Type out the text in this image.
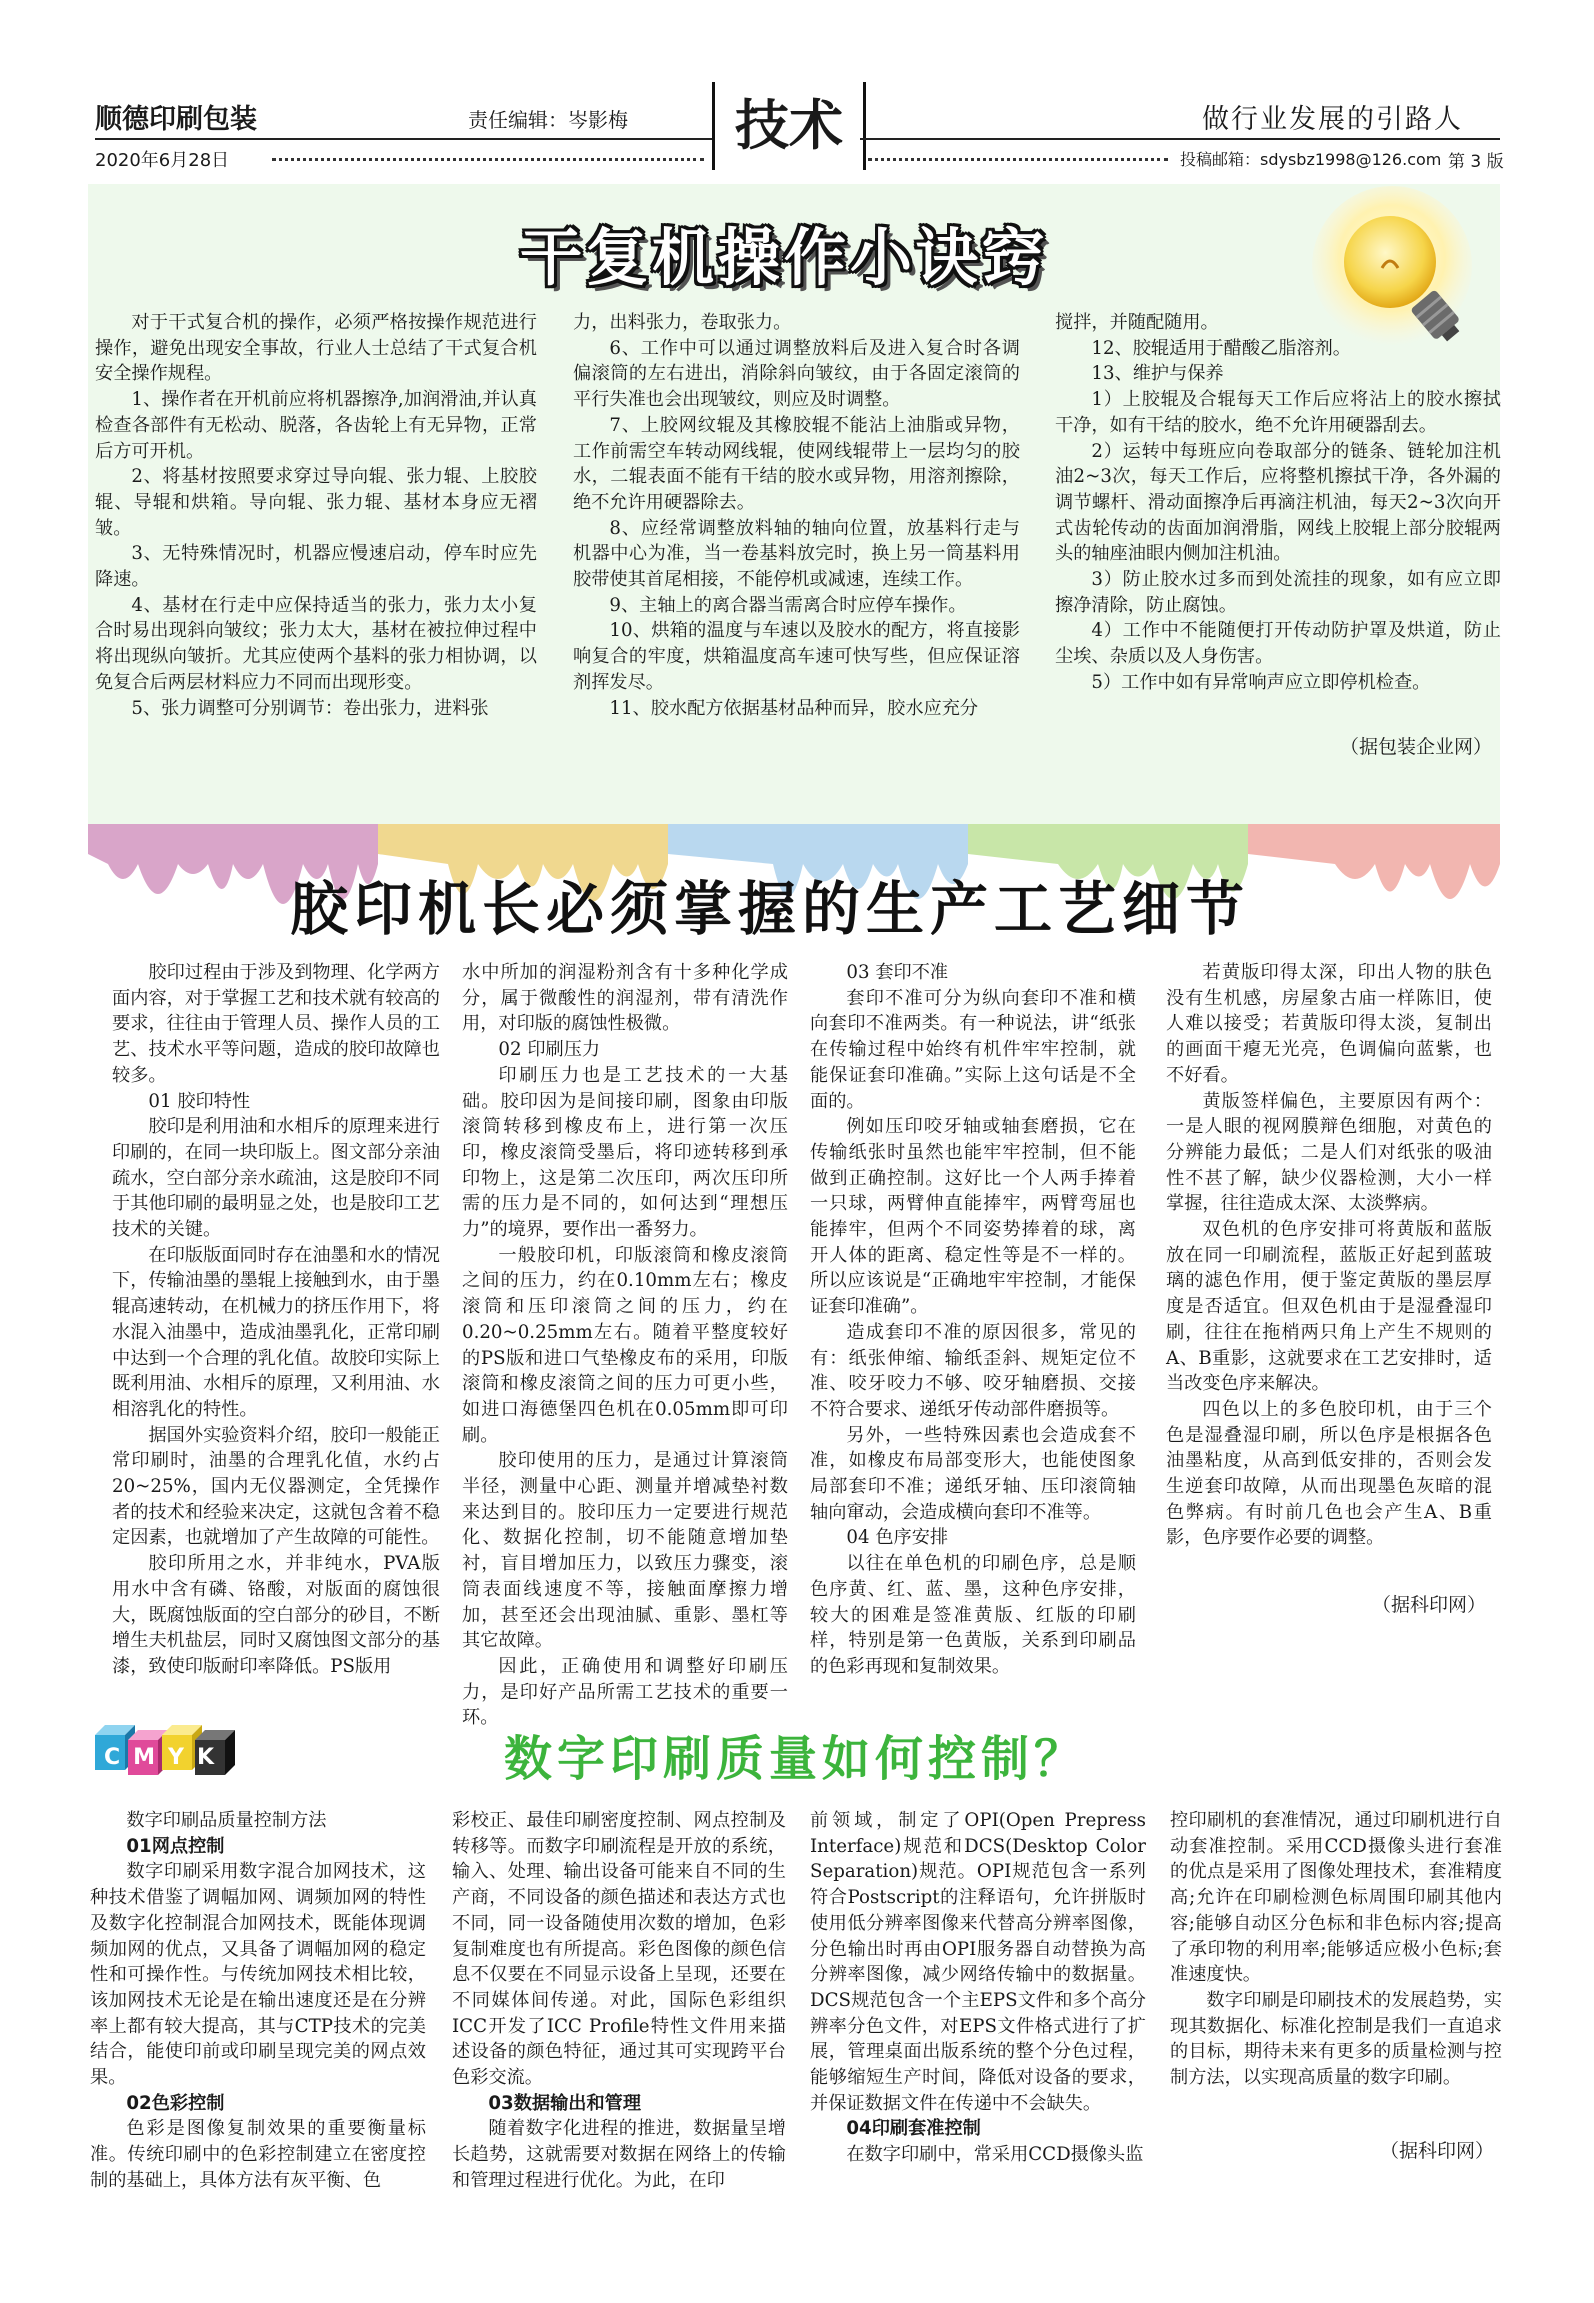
顺德印刷包装	责任编辑：岑影梅	技术	做行业发展的引路人
2020年6月28日	投稿邮箱：sdysbz1998@126.com 第 3 版
干复机操作小诀窍

对于干式复合机的操作，必须严格按操作规范进行操作，避免出现安全事故，行业人士总结了干式复合机安全操作规程。

1、操作者在开机前应将机器擦净,加润滑油,并认真检查各部件有无松动、脱落，各齿轮上有无异物，正常后方可开机。

2、将基材按照要求穿过导向辊、张力辊、上胶胶辊、导辊和烘箱。导向辊、张力辊、基材本身应无褶皱。

3、无特殊情况时，机器应慢速启动，停车时应先降速。

4、基材在行走中应保持适当的张力，张力太小复合时易出现斜向皱纹；张力太大，基材在被拉伸过程中将出现纵向皱折。尤其应使两个基料的张力相协调，以免复合后两层材料应力不同而出现形变。

5、张力调整可分别调节：卷出张力，进料张

力，出料张力，卷取张力。

6、工作中可以通过调整放料后及进入复合时各调偏滚筒的左右进出，消除斜向皱纹，由于各固定滚筒的平行失准也会出现皱纹，则应及时调整。

7、上胶网纹辊及其橡胶辊不能沾上油脂或异物，工作前需空车转动网线辊，使网线辊带上一层均匀的胶水，二辊表面不能有干结的胶水或异物，用溶剂擦除，绝不允许用硬器除去。

8、应经常调整放料轴的轴向位置，放基料行走与机器中心为准，当一卷基料放完时，换上另一筒基料用胶带使其首尾相接，不能停机或减速，连续工作。

9、主轴上的离合器当需离合时应停车操作。

10、烘箱的温度与车速以及胶水的配方，将直接影响复合的牢度，烘箱温度高车速可快写些，但应保证溶剂挥发尽。

11、胶水配方依据基材品种而异，胶水应充分

搅拌，并随配随用。

12、胶辊适用于醋酸乙脂溶剂。

13、维护与保养

1）上胶辊及合辊每天工作后应将沾上的胶水擦拭干净，如有干结的胶水，绝不允许用硬器刮去。

2）运转中每班应向卷取部分的链条、链轮加注机油2~3次，每天工作后，应将整机擦拭干净，各外漏的调节螺杆、滑动面擦净后再滴注机油，每天2~3次向开式齿轮传动的齿面加润滑脂，网线上胶辊上部分胶辊两头的轴座油眼内侧加注机油。

3）防止胶水过多而到处流挂的现象，如有应立即擦净清除，防止腐蚀。

4）工作中不能随便打开传动防护罩及烘道，防止尘埃、杂质以及人身伤害。

5）工作中如有异常响声应立即停机检查。

（据包装企业网）
胶印机长必须掌握的生产工艺细节

胶印过程由于涉及到物理、化学两方面内容，对于掌握工艺和技术就有较高的要求，往往由于管理人员、操作人员的工艺、技术水平等问题，造成的胶印故障也较多。

01 胶印特性

胶印是利用油和水相斥的原理来进行印刷的，在同一块印版上。图文部分亲油疏水，空白部分亲水疏油，这是胶印不同于其他印刷的最明显之处，也是胶印工艺技术的关键。

在印版版面同时存在油墨和水的情况下，传输油墨的墨辊上接触到水，由于墨辊高速转动，在机械力的挤压作用下，将水混入油墨中，造成油墨乳化，正常印刷中达到一个合理的乳化值。故胶印实际上既利用油、水相斥的原理，又利用油、水相溶乳化的特性。

据国外实验资料介绍，胶印一般能正常印刷时，油墨的合理乳化值，水约占20~25%，国内无仪器测定，全凭操作者的技术和经验来决定，这就包含着不稳定因素，也就增加了产生故障的可能性。

胶印所用之水，并非纯水，PVA版用水中含有磷、铬酸，对版面的腐蚀很大，既腐蚀版面的空白部分的砂目，不断增生夫机盐层，同时又腐蚀图文部分的基漆，致使印版耐印率降低。PS版用

水中所加的润湿粉剂含有十多种化学成分，属于微酸性的润湿剂，带有清洗作用，对印版的腐蚀性极微。

02 印刷压力

印刷压力也是工艺技术的一大基础。胶印因为是间接印刷，图象由印版滚筒转移到橡皮布上，进行第一次压印，橡皮滚筒受墨后，将印迹转移到承印物上，这是第二次压印，两次压印所需的压力是不同的，如何达到“理想压力”的境界，要作出一番努力。

一般胶印机，印版滚筒和橡皮滚筒之间的压力，约在0.10mm左右；橡皮滚筒和压印滚筒之间的压力，约在0.20~0.25mm左右。随着平整度较好的PS版和进口气垫橡皮布的采用，印版滚筒和橡皮滚筒之间的压力可更小些，如进口海德堡四色机在0.05mm即可印刷。

胶印使用的压力，是通过计算滚筒半径，测量中心距、测量并增减垫衬数来达到目的。胶印压力一定要进行规范化、数据化控制，切不能随意增加垫衬，盲目增加压力，以致压力骤变，滚筒表面线速度不等，接触面摩擦力增加，甚至还会出现油腻、重影、墨杠等其它故障。

因此，正确使用和调整好印刷压力，是印好产品所需工艺技术的重要一环。

03 套印不准

套印不准可分为纵向套印不准和横向套印不准两类。有一种说法，讲“纸张在传输过程中始终有机件牢牢控制，就能保证套印准确。”实际上这句话是不全面的。

例如压印咬牙轴或轴套磨损，它在传输纸张时虽然也能牢牢控制，但不能做到正确控制。这好比一个人两手捧着一只球，两臂伸直能捧牢，两臂弯屈也能捧牢，但两个不同姿势捧着的球，离开人体的距离、稳定性等是不一样的。所以应该说是“正确地牢牢控制，才能保证套印准确”。

造成套印不准的原因很多，常见的有：纸张伸缩、输纸歪斜、规矩定位不准、咬牙咬力不够、咬牙轴磨损、交接不符合要求、递纸牙传动部件磨损等。

另外，一些特殊因素也会造成套不准，如橡皮布局部变形大，也能使图象局部套印不准；递纸牙轴、压印滚筒轴轴向窜动，会造成横向套印不准等。

04 色序安排

以往在单色机的印刷色序，总是顺色序黄、红、蓝、墨，这种色序安排，较大的困难是签准黄版、红版的印刷样，特别是第一色黄版，关系到印刷品的色彩再现和复制效果。

若黄版印得太深，印出人物的肤色没有生机感，房屋象古庙一样陈旧，使人难以接受；若黄版印得太淡，复制出的画面干瘪无光亮，色调偏向蓝紫，也不好看。

黄版签样偏色，主要原因有两个：一是人眼的视网膜辩色细胞，对黄色的分辨能力最低；二是人们对纸张的吸油性不甚了解，缺少仪器检测，大小一样掌握，往往造成太深、太淡弊病。

双色机的色序安排可将黄版和蓝版放在同一印刷流程，蓝版正好起到蓝玻璃的滤色作用，便于鉴定黄版的墨层厚度是否适宜。但双色机由于是湿叠湿印刷，往往在拖梢两只角上产生不规则的A、B重影，这就要求在工艺安排时，适当改变色序来解决。

四色以上的多色胶印机，由于三个色是湿叠湿印刷，所以色序是根据各色油墨粘度，从高到低安排的，否则会发生逆套印故障，从而出现墨色灰暗的混色弊病。有时前几色也会产生A、B重影，色序要作必要的调整。

（据科印网）
CMYK	数字印刷质量如何控制？

数字印刷品质量控制方法

01网点控制

数字印刷采用数字混合加网技术，这种技术借鉴了调幅加网、调频加网的特性及数字化控制混合加网技术，既能体现调频加网的优点，又具备了调幅加网的稳定性和可操作性。与传统加网技术相比较，该加网技术无论是在输出速度还是在分辨率上都有较大提高，其与CTP技术的完美结合，能使印前或印刷呈现完美的网点效果。

02色彩控制

色彩是图像复制效果的重要衡量标准。传统印刷中的色彩控制建立在密度控制的基础上，具体方法有灰平衡、色

彩校正、最佳印刷密度控制、网点控制及转移等。而数字印刷流程是开放的系统，输入、处理、输出设备可能来自不同的生产商，不同设备的颜色描述和表达方式也不同，同一设备随使用次数的增加，色彩复制难度也有所提高。彩色图像的颜色信息不仅要在不同显示设备上呈现，还要在不同媒体间传递。对此，国际色彩组织ICC开发了ICC Profile特性文件用来描述设备的颜色特征，通过其可实现跨平台色彩交流。

03数据输出和管理

随着数字化进程的推进，数据量呈增长趋势，这就需要对数据在网络上的传输和管理过程进行优化。为此，在印

前领域，制定了OPI(Open Prepress Interface)规范和DCS(Desktop Color Separation)规范。OPI规范包含一系列符合Postscript的注释语句，允许拼版时使用低分辨率图像来代替高分辨率图像，分色输出时再由OPI服务器自动替换为高分辨率图像，减少网络传输中的数据量。DCS规范包含一个主EPS文件和多个高分辨率分色文件，对EPS文件格式进行了扩展，管理桌面出版系统的整个分色过程，能够缩短生产时间，降低对设备的要求，并保证数据文件在传递中不会缺失。

04印刷套准控制

在数字印刷中，常采用CCD摄像头监

控印刷机的套准情况，通过印刷机进行自动套准控制。采用CCD摄像头进行套准的优点是采用了图像处理技术，套准精度高;允许在印刷检测色标周围印刷其他内容;能够自动区分色标和非色标内容;提高了承印物的利用率;能够适应极小色标;套准速度快。

数字印刷是印刷技术的发展趋势，实现其数据化、标准化控制是我们一直追求的目标，期待未来有更多的质量检测与控制方法，以实现高质量的数字印刷。

（据科印网）
